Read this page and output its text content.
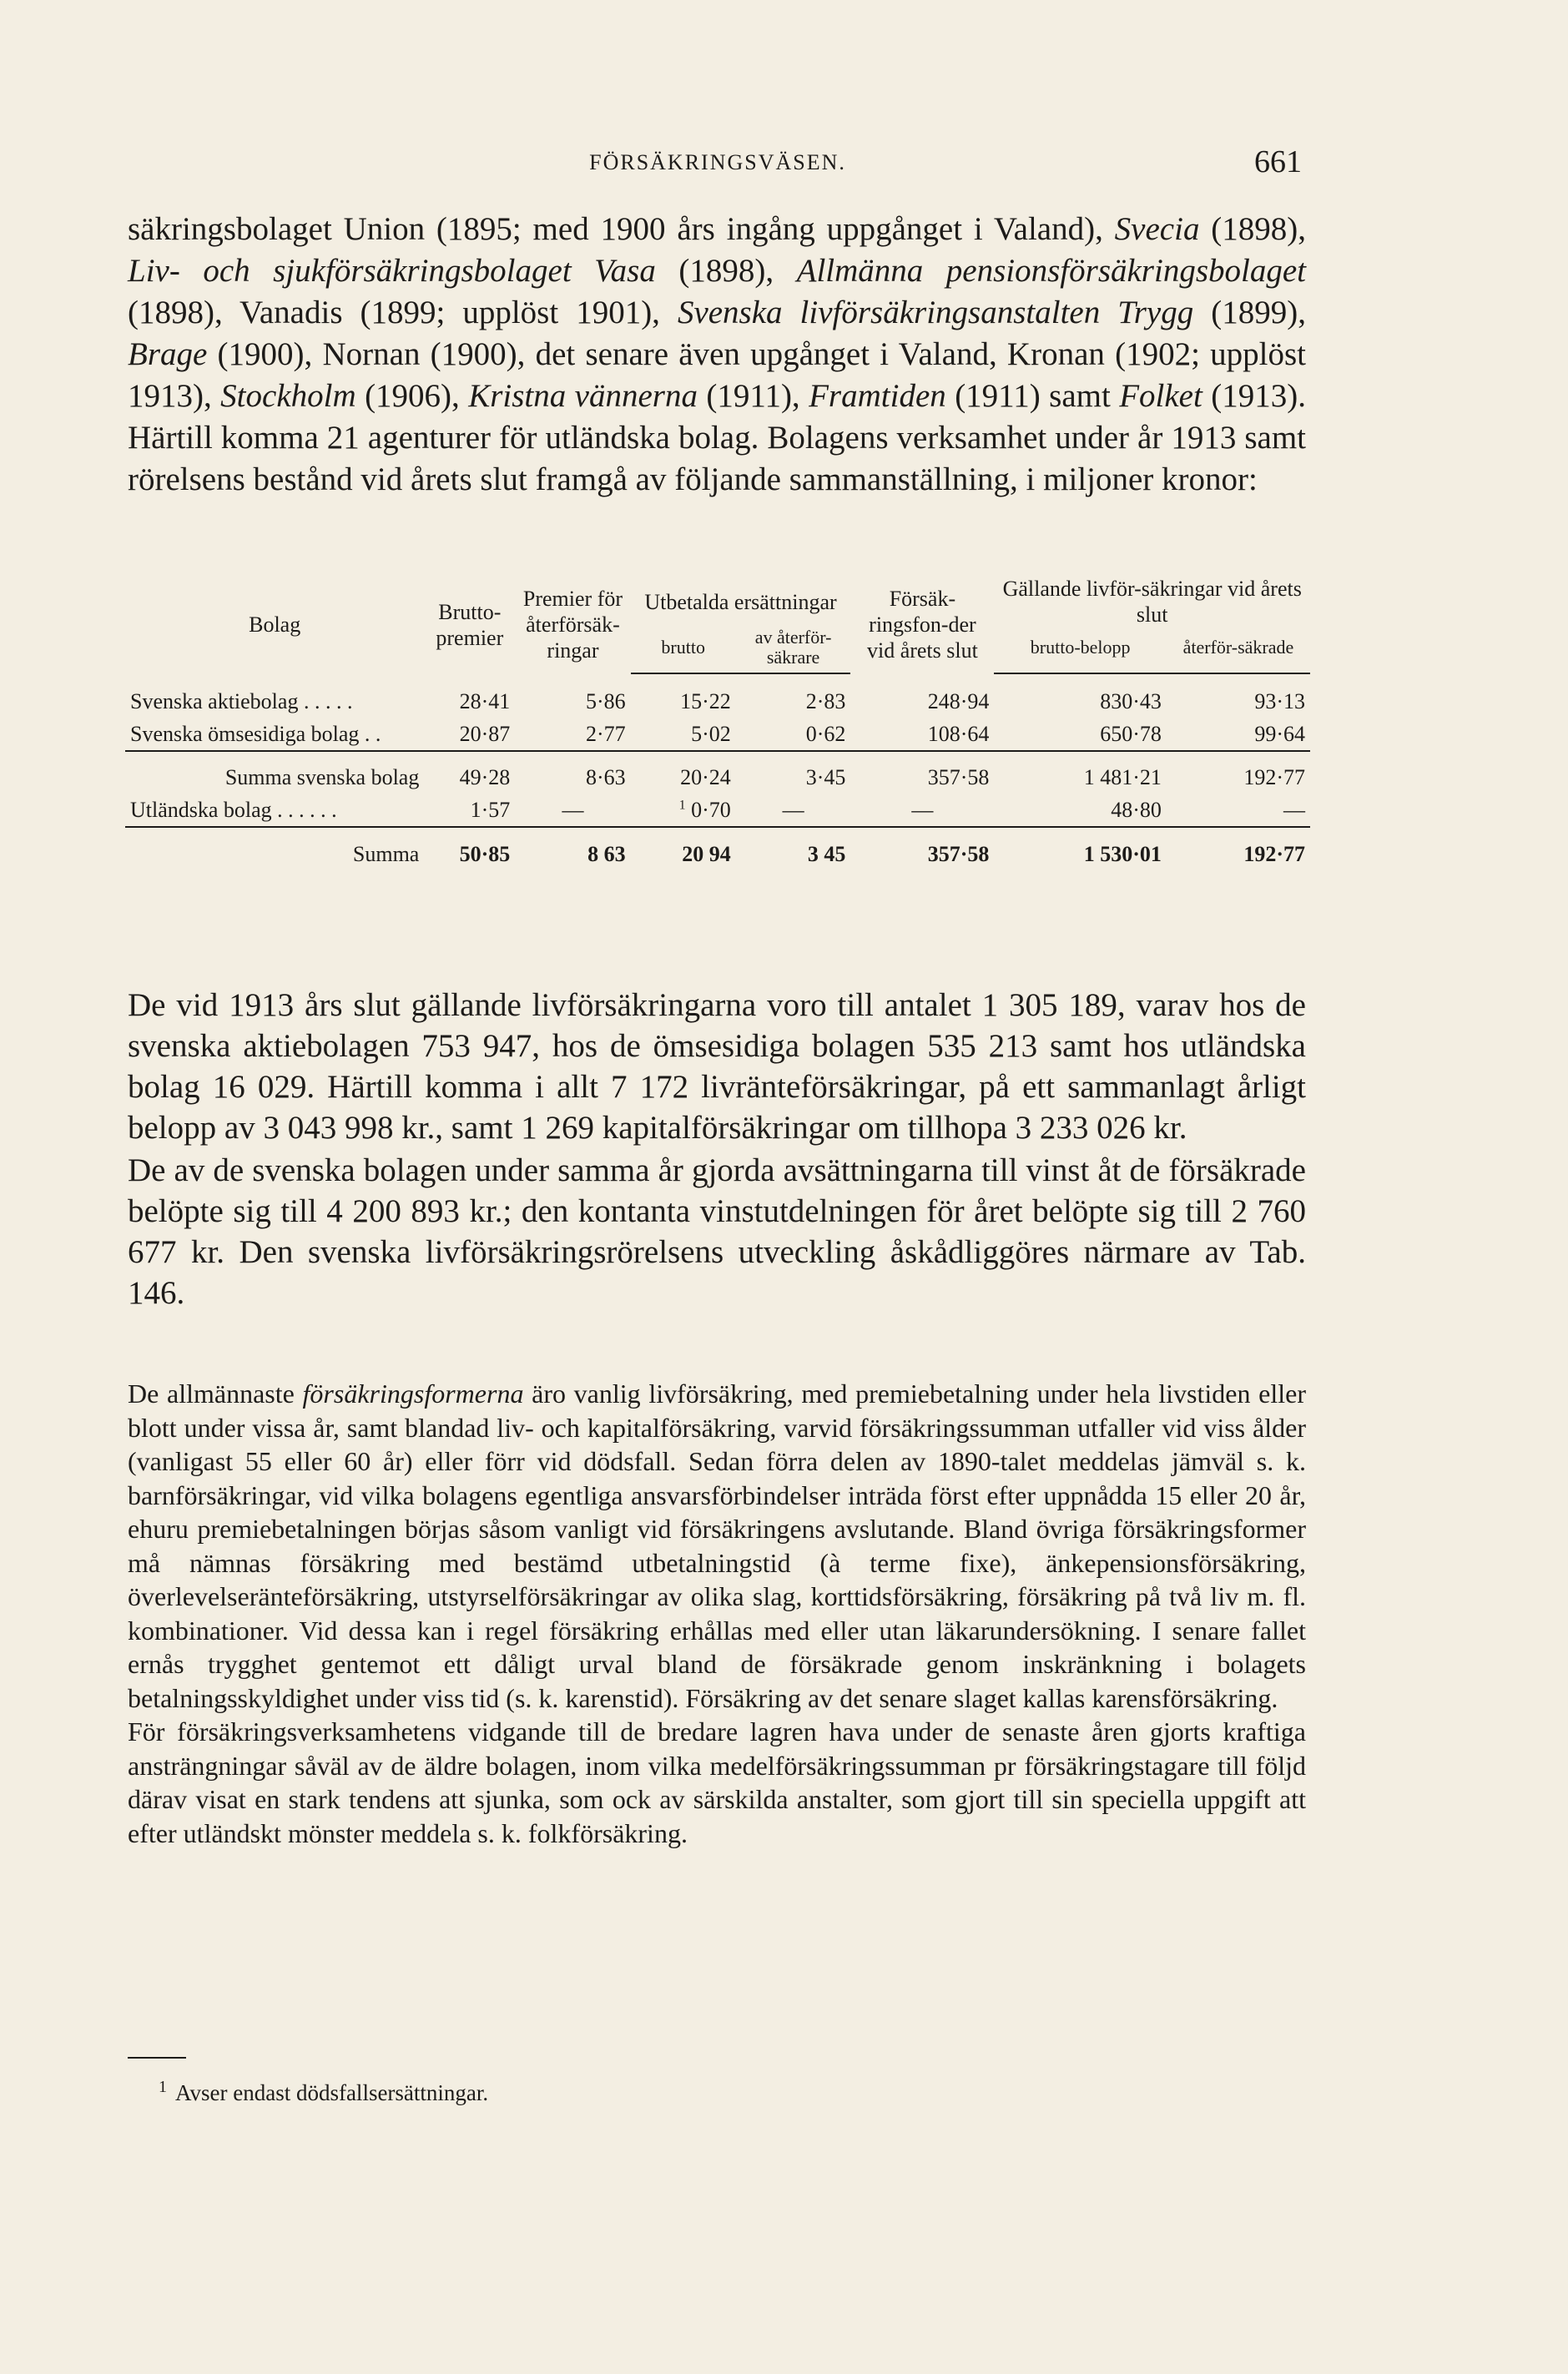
FÖRSÄKRINGSVÄSEN.	661

säkringsbolaget Union (1895; med 1900 års ingång uppgånget i Valand), Svecia (1898), Liv- och sjukförsäkringsbolaget Vasa (1898), Allmänna pensionsförsäkringsbolaget (1898), Vanadis (1899; upplöst 1901), Svenska livförsäkringsanstalten Trygg (1899), Brage (1900), Nornan (1900), det senare även upgånget i Valand, Kronan (1902; upplöst 1913), Stockholm (1906), Kristna vännerna (1911), Framtiden (1911) samt Folket (1913). Härtill komma 21 agenturer för utländska bolag. Bolagens verksamhet under år 1913 samt rörelsens bestånd vid årets slut framgå av följande sammanställning, i miljoner kronor:

Bolag	Brutto-premier	Premier för återförsäk-ringar	Utbetalda ersättningar		Försäk-ringsfon-der vid årets slut	Gällande livför-säkringar vid årets slut	
			brutto	av återför-säkrare		brutto-belopp	återför-säkrade

Svenska aktiebolag . . . . .	28·41	5·86	15·22	2·83	248·94	830·43	93·13
Svenska ömsesidiga bolag . .	20·87	2·77	5·02	0·62	108·64	650·78	99·64

Summa svenska bolag	49·28	8·63	20·24	3·45	357·58	1 481·21	192·77
Utländska bolag . . . . . .	1·57	—	$^1$ 0·70	—	—	48·80	—
Summa	50·85	8 63	20 94	3 45	357·58	1 530·01	192·77

De vid 1913 års slut gällande livförsäkringarna voro till antalet 1 305 189, varav hos de svenska aktiebolagen 753 947, hos de ömsesidiga bolagen 535 213 samt hos utländska bolag 16 029. Härtill komma i allt 7 172 livränteförsäkringar, på ett sammanlagt årligt belopp av 3 043 998 kr., samt 1 269 kapitalförsäkringar om tillhopa 3 233 026 kr.

De av de svenska bolagen under samma år gjorda avsättningarna till vinst åt de försäkrade belöpte sig till 4 200 893 kr.; den kontanta vinstutdelningen för året belöpte sig till 2 760 677 kr. Den svenska livförsäkringsrörelsens utveckling åskådliggöres närmare av Tab. 146.

De allmännaste försäkringsformerna äro vanlig livförsäkring, med premiebetalning under hela livstiden eller blott under vissa år, samt blandad liv- och kapitalförsäkring, varvid försäkringssumman utfaller vid viss ålder (vanligast 55 eller 60 år) eller förr vid dödsfall. Sedan förra delen av 1890-talet meddelas jämväl s. k. barnförsäkringar, vid vilka bolagens egentliga ansvarsförbindelser inträda först efter uppnådda 15 eller 20 år, ehuru premiebetalningen börjas såsom vanligt vid försäkringens avslutande. Bland övriga försäkringsformer må nämnas försäkring med bestämd utbetalningstid (à terme fixe), änkepensionsförsäkring, överlevelseränteförsäkring, utstyrselförsäkringar av olika slag, korttidsförsäkring, försäkring på två liv m. fl. kombinationer. Vid dessa kan i regel försäkring erhållas med eller utan läkarundersökning. I senare fallet ernås trygghet gentemot ett dåligt urval bland de försäkrade genom inskränkning i bolagets betalningsskyldighet under viss tid (s. k. karenstid). Försäkring av det senare slaget kallas karensförsäkring.

För försäkringsverksamhetens vidgande till de bredare lagren hava under de senaste åren gjorts kraftiga ansträngningar såväl av de äldre bolagen, inom vilka medelförsäkringssumman pr försäkringstagare till följd därav visat en stark tendens att sjunka, som ock av särskilda anstalter, som gjort till sin speciella uppgift att efter utländskt mönster meddela s. k. folkförsäkring.

$^1$ Avser endast dödsfallsersättningar.
